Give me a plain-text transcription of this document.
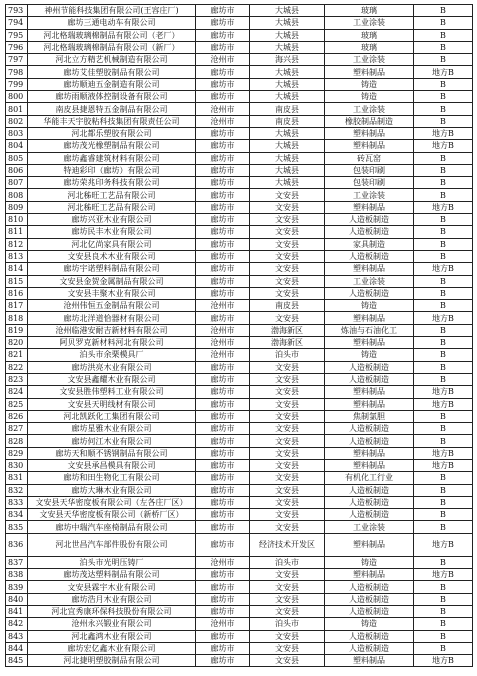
793	神州节能科技集团有限公司(王容庄厂)	廊坊市	大城县	玻璃	B
794	廊坊三通电动车有限公司	廊坊市	大城县	工业涂装	B
795	河北格瑞玻璃棉制品有限公司（老厂）	廊坊市	大城县	玻璃	B
796	河北格瑞玻璃棉制品有限公司（新厂）	廊坊市	大城县	玻璃	B
797	河北立方精艺机械制造有限公司	沧州市	海兴县	工业涂装	B
798	廊坊艾佳塑胶制品有限公司	廊坊市	大城县	塑料制品	地方B
799	廊坊顺迪五金制造有限公司	廊坊市	大城县	铸造	B
800	廊坊雨顺液体控制设备有限公司	廊坊市	大城县	铸造	B
801	南皮县捷恩特五金制品有限公司	沧州市	南皮县	工业涂装	B
802	华能丰天宇胶粘科技集团有限责任公司	沧州市	南皮县	橡胶制品制造	B
803	河北都乐塑胶有限公司	廊坊市	大城县	塑料制品	地方B
804	廊坊茂光橡塑制品有限公司	廊坊市	大城县	塑料制品	地方B
805	廊坊鑫睿建筑材料有限公司	廊坊市	大城县	砖瓦窑	B
806	特迪彩印（廊坊）有限公司	廊坊市	大城县	包装印刷	B
807	廊坊荣兆印务科技有限公司	廊坊市	大城县	包装印刷	B
808	河北秭旺工艺品有限公司	廊坊市	文安县	工业涂装	B
809	河北秭旺工艺品有限公司	廊坊市	文安县	塑料制品	地方B
810	廊坊兴亚木业有限公司	廊坊市	文安县	人造板制造	B
811	廊坊民丰木业有限公司	廊坊市	文安县	人造板制造	B
812	河北亿尚家具有限公司	廊坊市	文安县	家具制造	B
813	文安县良术木业有限公司	廊坊市	文安县	人造板制造	B
814	廊坊宇诺塑料制品有限公司	廊坊市	文安县	塑料制品	地方B
815	文安县金贺金属制品有限公司	廊坊市	文安县	工业涂装	B
816	文安县丰聚木业有限公司	廊坊市	文安县	人造板制造	B
817	沧州伟恒五金制品有限公司	沧州市	南皮县	铸造	B
818	廊坊北洋道恰器材有限公司	廊坊市	文安县	塑料制品	地方B
819	沧州临港安耐吉新材料有限公司	沧州市	渤海新区	炼油与石油化工	B
820	阿贝罗克新材料河北有限公司	沧州市	渤海新区	塑料制品	B
821	泊头市余栗模具厂	沧州市	泊头市	铸造	B
822	廊坊洪亮木业有限公司	廊坊市	文安县	人造板制造	B
823	文安县鑫耀木业有限公司	廊坊市	文安县	人造板制造	B
824	文安县胜伟塑料工业有限公司	廊坊市	文安县	塑料制品	地方B
825	文安县天明线材有限公司	廊坊市	文安县	塑料制品	地方B
826	河北凯跃化工集团有限公司	廊坊市	文安县	焦制氯胆	B
827	廊坊星雅木业有限公司	廊坊市	文安县	人造板制造	B
828	廊坊何江木业有限公司	廊坊市	文安县	人造板制造	B
829	廊坊天和顺不锈钢制品有限公司	廊坊市	文安县	塑料制品	地方B
830	文安县承昌模具有限公司	廊坊市	文安县	塑料制品	地方B
831	廊坊和田生物化工有限公司	廊坊市	文安县	有机化工行业	B
832	廊坊大琳木业有限公司	廊坊市	文安县	人造板制造	B
833	文安县天华密度板有限公司（左各庄厂区）	廊坊市	文安县	人造板制造	B
834	文安县天华密度板有限公司（新桥厂区）	廊坊市	文安县	人造板制造	B
835	廊坊中瑞汽车座椅制品有限公司	廊坊市	文安县	工业涂装	B
836	河北世昌汽车部件股份有限公司	廊坊市	经济技术开发区	塑料制品	地方B
837	泊头市光明压铸厂	沧州市	泊头市	铸造	B
838	廊坊茂达塑料制品有限公司	廊坊市	文安县	塑料制品	地方B
839	文安县霖宇木业有限公司	廊坊市	文安县	人造板制造	B
840	廊坊浩月木业有限公司	廊坊市	文安县	人造板制造	B
841	河北宜秀康环保科技股份有限公司	廊坊市	文安县	人造板制造	B
842	沧州永兴锻业有限公司	沧州市	泊头市	铸造	B
843	河北鑫鸿木业有限公司	廊坊市	文安县	人造板制造	B
844	廊坊宏亿鑫木业有限公司	廊坊市	文安县	人造板制造	B
845	河北捷明塑胶制品有限公司	廊坊市	文安县	塑料制品	地方B
